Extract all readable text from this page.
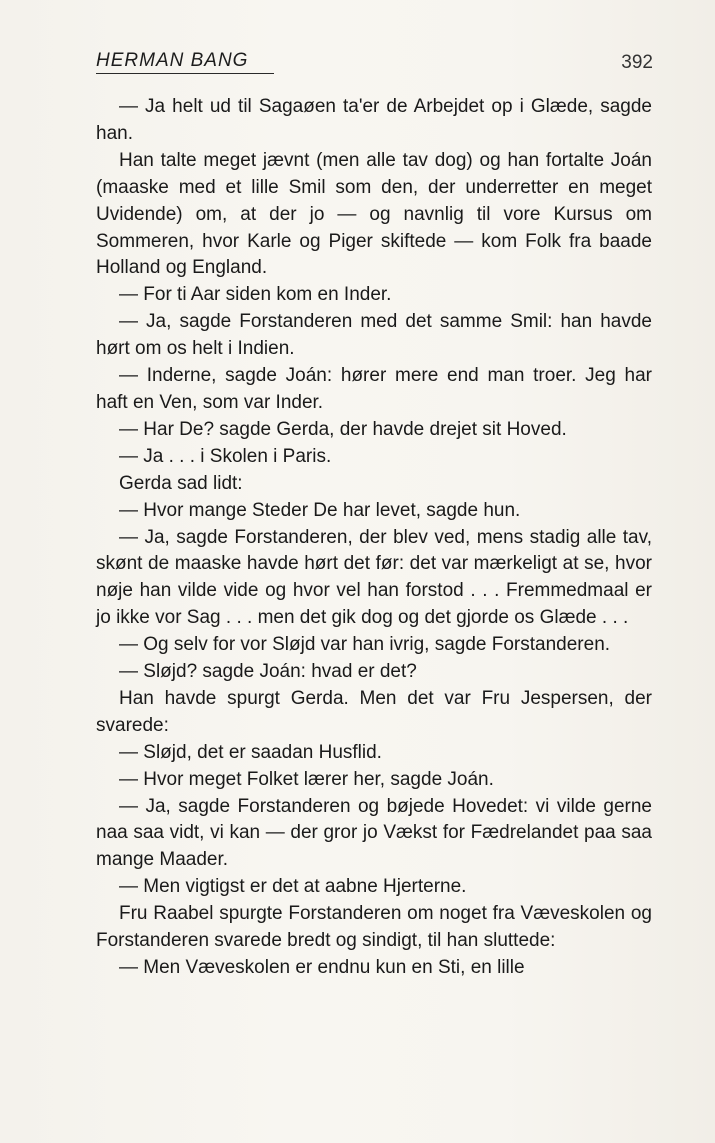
HERMAN BANG	392

— Ja helt ud til Sagaøen ta'er de Arbejdet op i Glæde, sagde han.

Han talte meget jævnt (men alle tav dog) og han fortalte Joán (maaske med et lille Smil som den, der underretter en meget Uvidende) om, at der jo — og navnlig til vore Kursus om Sommeren, hvor Karle og Piger skiftede — kom Folk fra baade Holland og England.

— For ti Aar siden kom en Inder.

— Ja, sagde Forstanderen med det samme Smil: han havde hørt om os helt i Indien.

— Inderne, sagde Joán: hører mere end man troer. Jeg har haft en Ven, som var Inder.

— Har De? sagde Gerda, der havde drejet sit Hoved.

— Ja . . . i Skolen i Paris.

Gerda sad lidt:

— Hvor mange Steder De har levet, sagde hun.

— Ja, sagde Forstanderen, der blev ved, mens stadig alle tav, skønt de maaske havde hørt det før: det var mærkeligt at se, hvor nøje han vilde vide og hvor vel han forstod . . . Fremmedmaal er jo ikke vor Sag . . . men det gik dog og det gjorde os Glæde . . .

— Og selv for vor Sløjd var han ivrig, sagde Forstanderen.

— Sløjd? sagde Joán: hvad er det?

Han havde spurgt Gerda. Men det var Fru Jespersen, der svarede:

— Sløjd, det er saadan Husflid.

— Hvor meget Folket lærer her, sagde Joán.

— Ja, sagde Forstanderen og bøjede Hovedet: vi vilde gerne naa saa vidt, vi kan — der gror jo Vækst for Fædrelandet paa saa mange Maader.

— Men vigtigst er det at aabne Hjerterne.

Fru Raabel spurgte Forstanderen om noget fra Væveskolen og Forstanderen svarede bredt og sindigt, til han sluttede:

— Men Væveskolen er endnu kun en Sti, en lille
